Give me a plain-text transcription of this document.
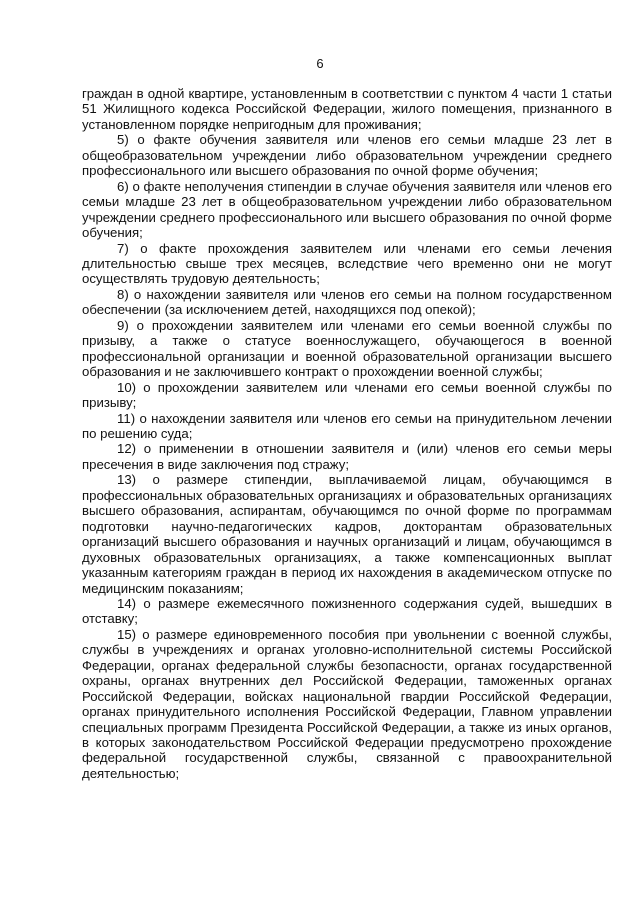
6

граждан в одной квартире, установленным в соответствии с пунктом 4 части 1 статьи 51 Жилищного кодекса Российской Федерации, жилого помещения, признанного в установленном порядке непригодным для проживания;

5) о факте обучения заявителя или членов его семьи младше 23 лет в общеобразовательном учреждении либо образовательном учреждении среднего профессионального или высшего образования по очной форме обучения;

6) о факте неполучения стипендии в случае обучения заявителя или членов его семьи младше 23 лет в общеобразовательном учреждении либо образовательном учреждении среднего профессионального или высшего образования по очной форме обучения;

7) о факте прохождения заявителем или членами его семьи лечения длительностью свыше трех месяцев, вследствие чего временно они не могут осуществлять трудовую деятельность;

8) о нахождении заявителя или членов его семьи на полном государственном обеспечении (за исключением детей, находящихся под опекой);

9) о прохождении заявителем или членами его семьи военной службы по призыву, а также о статусе военнослужащего, обучающегося в военной профессиональной организации и военной образовательной организации высшего образования и не заключившего контракт о прохождении военной службы;

10) о прохождении заявителем или членами его семьи военной службы по призыву;

11) о нахождении заявителя или членов его семьи на принудительном лечении по решению суда;

12) о применении в отношении заявителя и (или) членов его семьи меры пресечения в виде заключения под стражу;

13) о размере стипендии, выплачиваемой лицам, обучающимся в профессиональных образовательных организациях и образовательных организациях высшего образования, аспирантам, обучающимся по очной форме по программам подготовки научно-педагогических кадров, докторантам образовательных организаций высшего образования и научных организаций и лицам, обучающимся в духовных образовательных организациях, а также компенсационных выплат указанным категориям граждан в период их нахождения в академическом отпуске по медицинским показаниям;

14) о размере ежемесячного пожизненного содержания судей, вышедших в отставку;

15) о размере единовременного пособия при увольнении с военной службы, службы в учреждениях и органах уголовно-исполнительной системы Российской Федерации, органах федеральной службы безопасности, органах государственной охраны, органах внутренних дел Российской Федерации, таможенных органах Российской Федерации, войсках национальной гвардии Российской Федерации, органах принудительного исполнения Российской Федерации, Главном управлении специальных программ Президента Российской Федерации, а также из иных органов, в которых законодательством Российской Федерации предусмотрено прохождение федеральной государственной службы, связанной с правоохранительной деятельностью;
